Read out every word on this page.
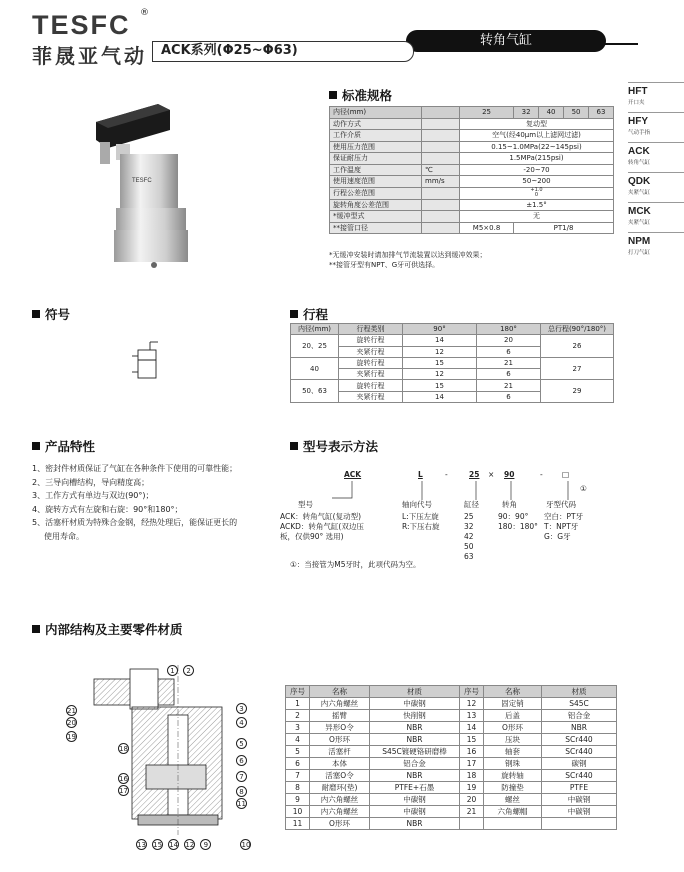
TESFC ®
菲晟亚气动
转角气缸
ACK系列(Φ25~Φ63)
HFT
开口夹
HFY
气动手指
ACK
转角气缸
QDK
夹紧气缸
MCK
夹紧气缸
NPM
打刀气缸
TESFC
标准规格
内径(mm)		25	32	40	50	63
动作方式		复动型				
工作介质		空气(经40μm以上滤网过滤)				
使用压力范围		0.15~1.0MPa(22~145psi)				
保证耐压力		1.5MPa(215psi)				
工作温度	℃	-20~70				
使用速度范围	mm/s	50~200				
行程公差范围		+1.0
0				

旋转角度公差范围		±1.5°				
*缓冲型式		无				
**接管口径		M5×0.8	PT1/8			
*无缓冲安装时请加排气节流装置以达到缓冲效果；
**接管牙型有NPT、G牙可供选择。
符号	行程
内径(mm)	行程类别	90°	180°	总行程(90°/180°)
20、25	旋转行程	14	20	26
	夹紧行程	12	6	
40	旋转行程	15	21	27
	夹紧行程	12	6	
50、63	旋转行程	15	21	29
	夹紧行程	14	6	
产品特性
1、密封件材质保证了气缸在各种条件下使用的可靠性能；
2、三导向槽结构，导向精度高；
3、工作方式有单边与双边(90°)；
4、旋转方式有左旋和右旋：90°和180°；
5、活塞杆材质为特殊合金钢，经热处理后，能保证更长的
使用寿命。
型号表示方法
ACK	L	-	25 × 90	-	□
①
型号
ACK：转角气缸(复动型)
ACKD：转角气缸(双边压
板，仅供90° 选用)
轴向代号
L:下压左旋
R:下压右旋
缸径
25
32
42
50
63
转角
90：90°
180：180°
牙型代码
空白：PT牙
T：NPT牙
G：G牙
①：当接管为M5牙时，此项代码为空。
内部结构及主要零件材质
1 2
3
4
5
6
7
8
11
21
20
19
18
16
17
13 15 14 12 9	10
序号	名称	材质	序号	名称	材质
1	内六角螺丝	中碳钢	12	固定销	S45C
2	摇臂	快削钢	13	后盖	铝合金
3	异形O令	NBR	14	O形环	NBR
4	O形环	NBR	15	压块	SCr440
5	活塞杆	S45C镀硬铬研磨棒	16	轴套	SCr440
6	本体	铝合金	17	钢珠	碳钢
7	活塞O令	NBR	18	旋转轴	SCr440
8	耐磨环(垫)	PTFE+石墨	19	防撞垫	PTFE
9	内六角螺丝	中碳钢	20	螺丝	中碳钢
10	内六角螺丝	中碳钢	21	六角螺帽	中碳钢
11	O形环	NBR			
